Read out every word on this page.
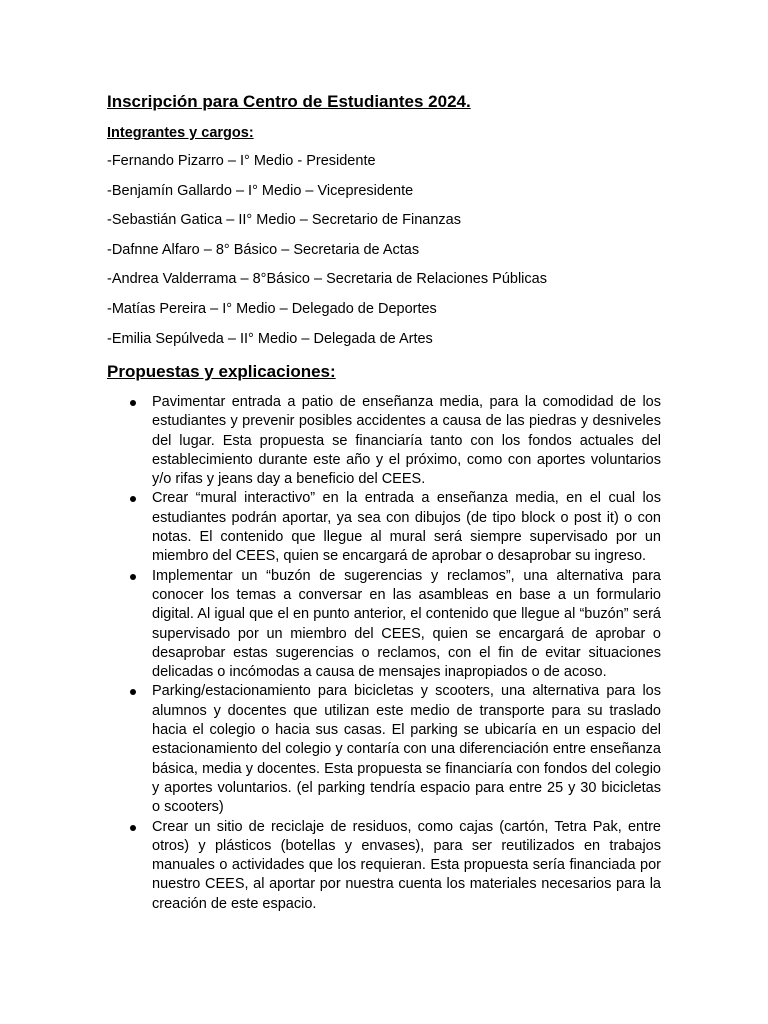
Inscripción para Centro de Estudiantes 2024.
Integrantes y cargos:
-Fernando Pizarro – I° Medio - Presidente
-Benjamín Gallardo – I° Medio – Vicepresidente
-Sebastián Gatica – II° Medio – Secretario de Finanzas
-Dafnne Alfaro – 8° Básico – Secretaria de Actas
-Andrea Valderrama – 8°Básico – Secretaria de Relaciones Públicas
-Matías Pereira – I° Medio – Delegado de Deportes
-Emilia Sepúlveda – II° Medio – Delegada de Artes
Propuestas y explicaciones:
Pavimentar entrada a patio de enseñanza media, para la comodidad de los estudiantes y prevenir posibles accidentes a causa de las piedras y desniveles del lugar. Esta propuesta se financiaría tanto con los fondos actuales del establecimiento durante este año y el próximo, como con aportes voluntarios y/o rifas y jeans day a beneficio del CEES.
Crear “mural interactivo” en la entrada a enseñanza media, en el cual los estudiantes podrán aportar, ya sea con dibujos (de tipo block o post it) o con notas. El contenido que llegue al mural será siempre supervisado por un miembro del CEES, quien se encargará de aprobar o desaprobar su ingreso.
Implementar un “buzón de sugerencias y reclamos”, una alternativa para conocer los temas a conversar en las asambleas en base a un formulario digital. Al igual que el en punto anterior, el contenido que llegue al “buzón” será supervisado por un miembro del CEES, quien se encargará de aprobar o desaprobar estas sugerencias o reclamos, con el fin de evitar situaciones delicadas o incómodas a causa de mensajes inapropiados o de acoso.
Parking/estacionamiento para bicicletas y scooters, una alternativa para los alumnos y docentes que utilizan este medio de transporte para su traslado hacia el colegio o hacia sus casas. El parking se ubicaría en un espacio del estacionamiento del colegio y contaría con una diferenciación entre enseñanza básica, media y docentes. Esta propuesta se financiaría con fondos del colegio y aportes voluntarios. (el parking tendría espacio para entre 25 y 30 bicicletas o scooters)
Crear un sitio de reciclaje de residuos, como cajas (cartón, Tetra Pak, entre otros) y plásticos (botellas y envases), para ser reutilizados en trabajos manuales o actividades que los requieran. Esta propuesta sería financiada por nuestro CEES, al aportar por nuestra cuenta los materiales necesarios para la creación de este espacio.
